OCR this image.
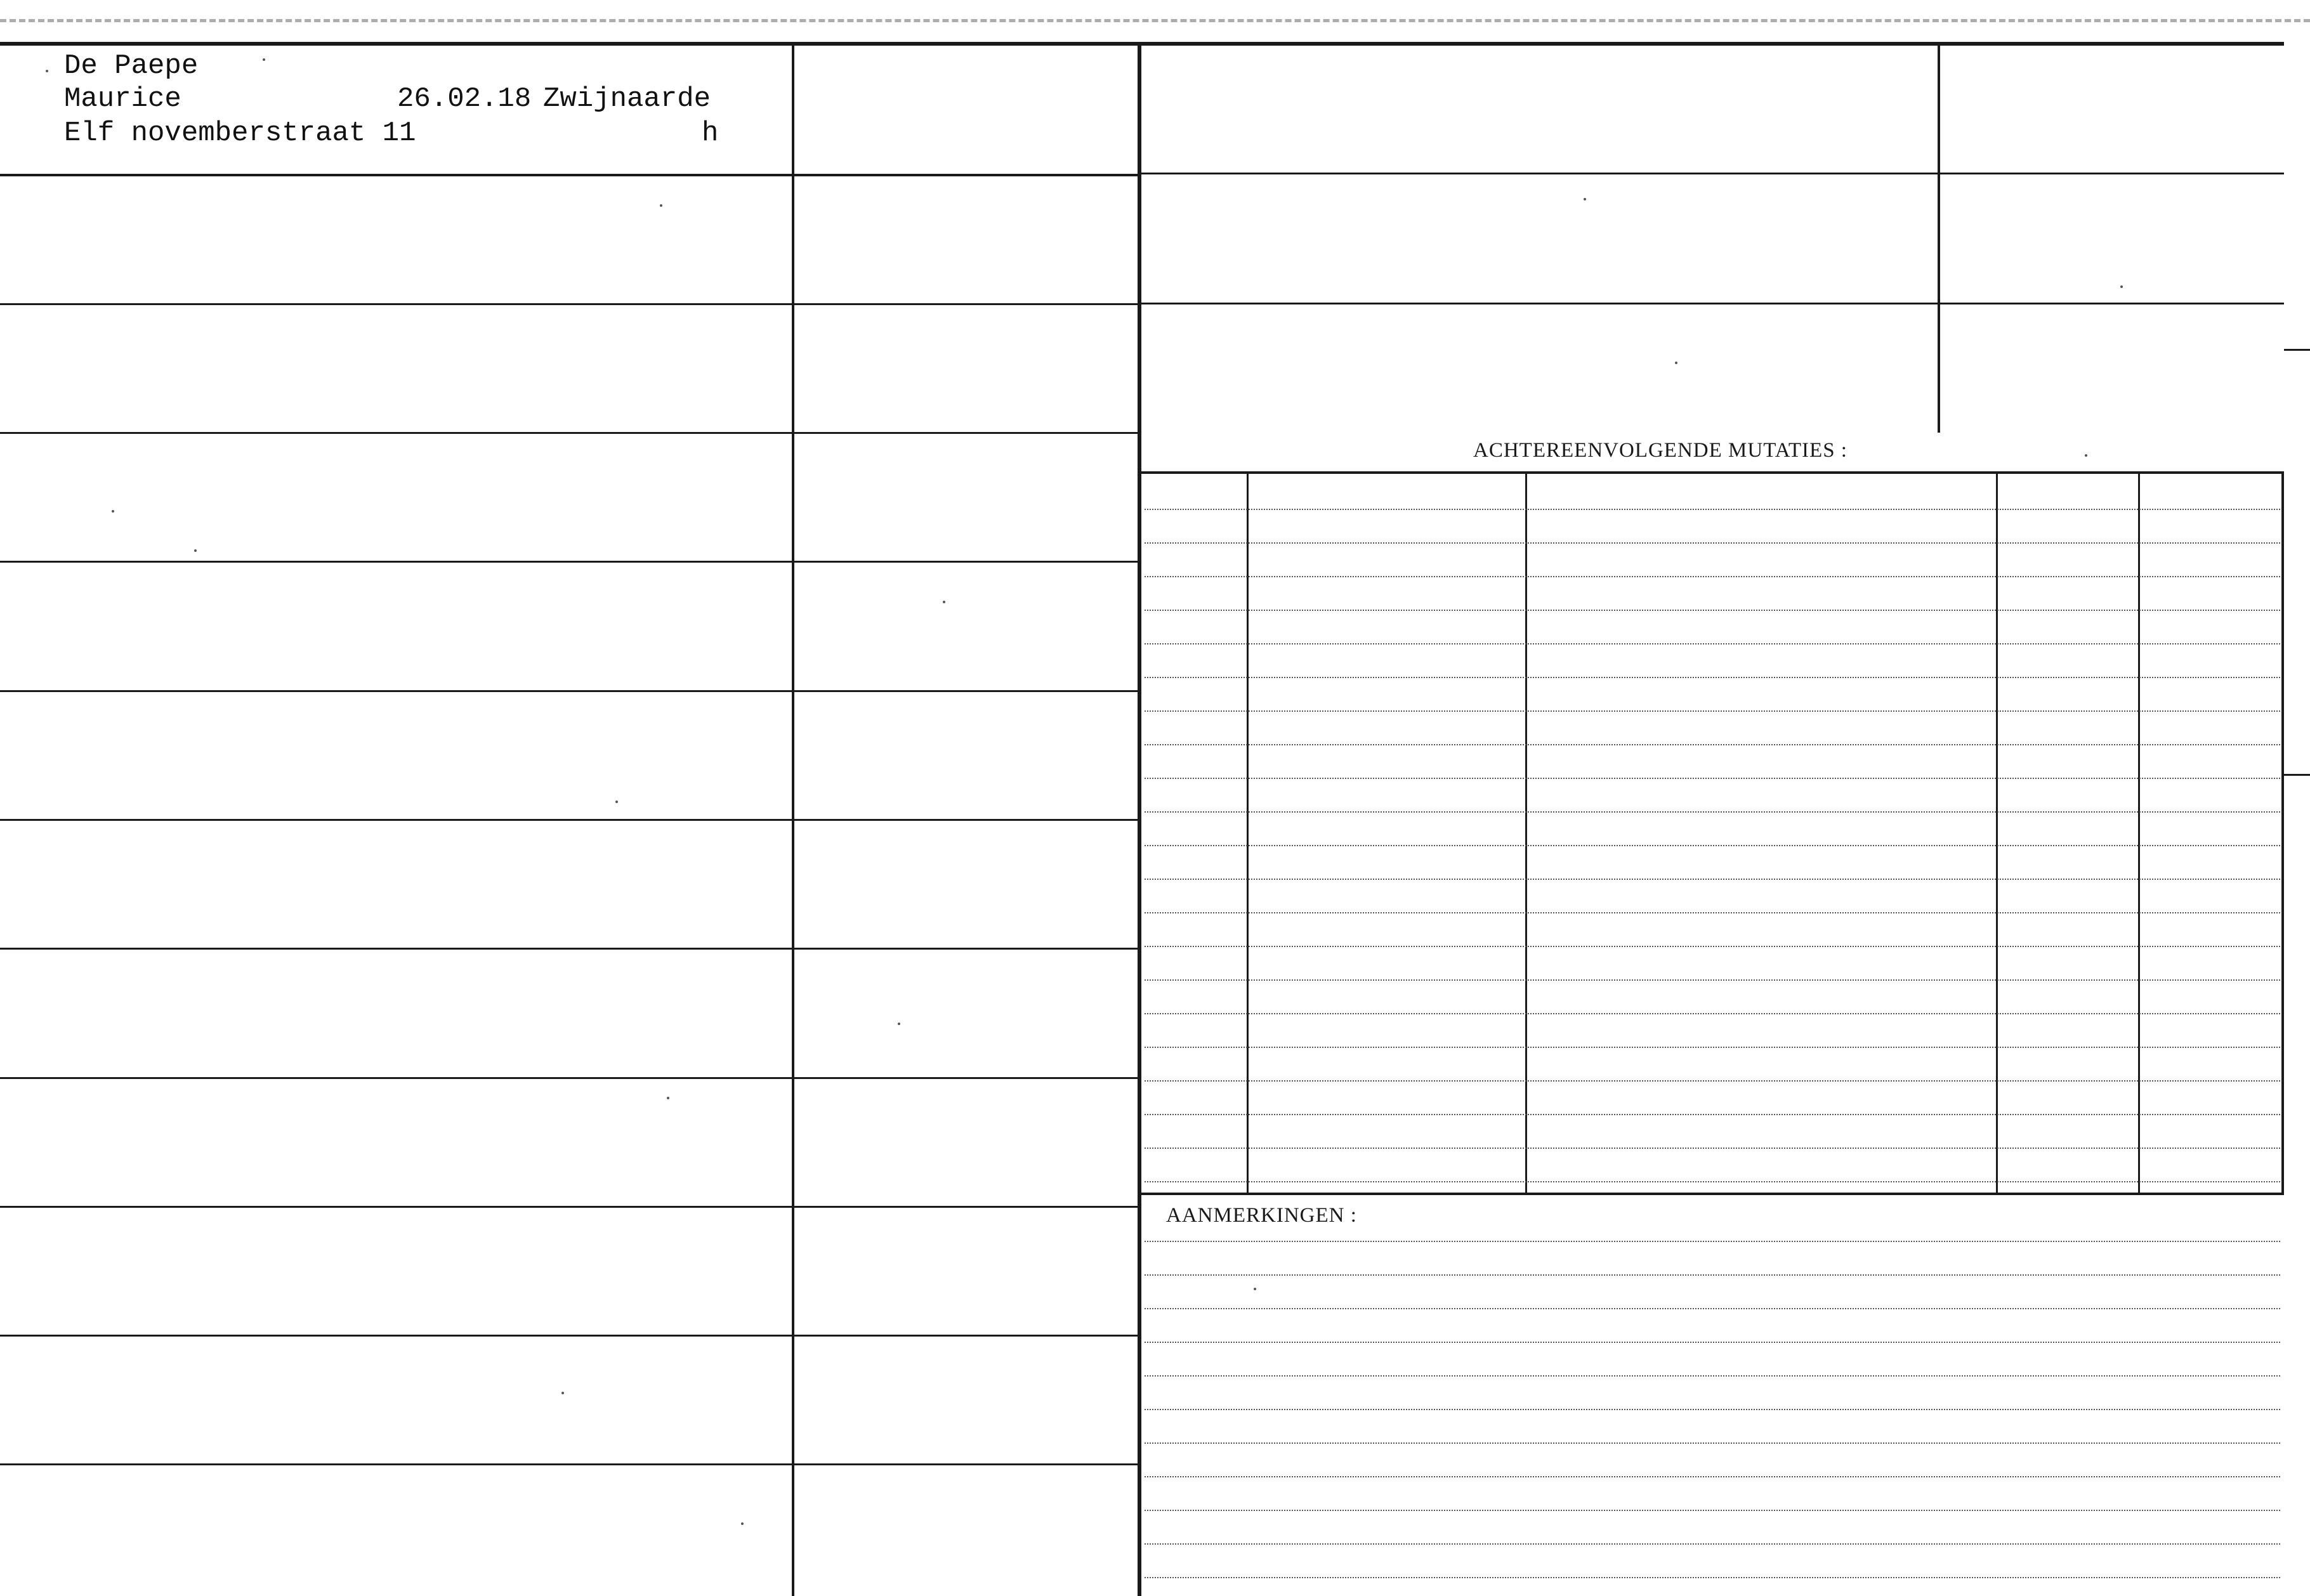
ACHTEREENVOLGENDE MUTATIES :
AANMERKINGEN :
De Paepe
Maurice	26.02.18 Zwijnaarde
Elf novemberstraat 11	h
